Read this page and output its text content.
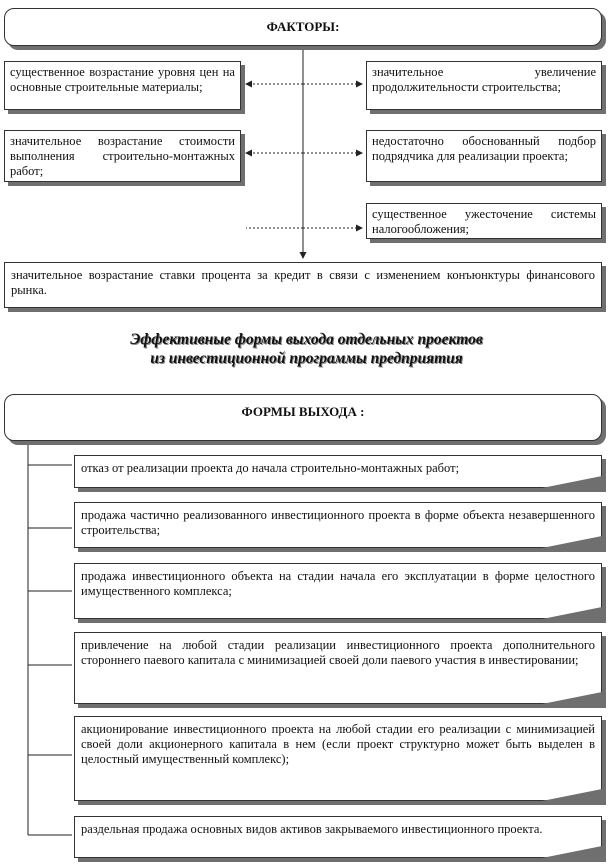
ФАКТОРЫ:
существенное возрастание уровня цен на основные строительные материалы;
значительное возрастание стоимости выполнения строительно-монтажных работ;
значительное увеличение продолжительности строительства;
недостаточно обоснованный подбор подрядчика для реализации проекта;
существенное ужесточение системы налогообложения;
значительное возрастание ставки процента за кредит в связи с изменением конъюнктуры финансового рынка.
Эффективные формы выхода отдельных проектов
из инвестиционной программы предприятия
ФОРМЫ ВЫХОДА :
отказ от реализации проекта до начала строительно-монтажных работ;
продажа частично реализованного инвестиционного проекта в форме объекта незавершенного строительства;
продажа инвестиционного объекта на стадии начала его эксплуатации в форме целостного имущественного комплекса;
привлечение на любой стадии реализации инвестиционного проекта дополнительного стороннего паевого капитала с минимизацией своей доли паевого участия в инвестировании;
акционирование инвестиционного проекта на любой стадии его реализации с минимизацией своей доли акционерного капитала в нем (если проект структурно может быть выделен в целостный имущественный комплекс);
раздельная продажа основных видов активов закрываемого инвестиционного проекта.
